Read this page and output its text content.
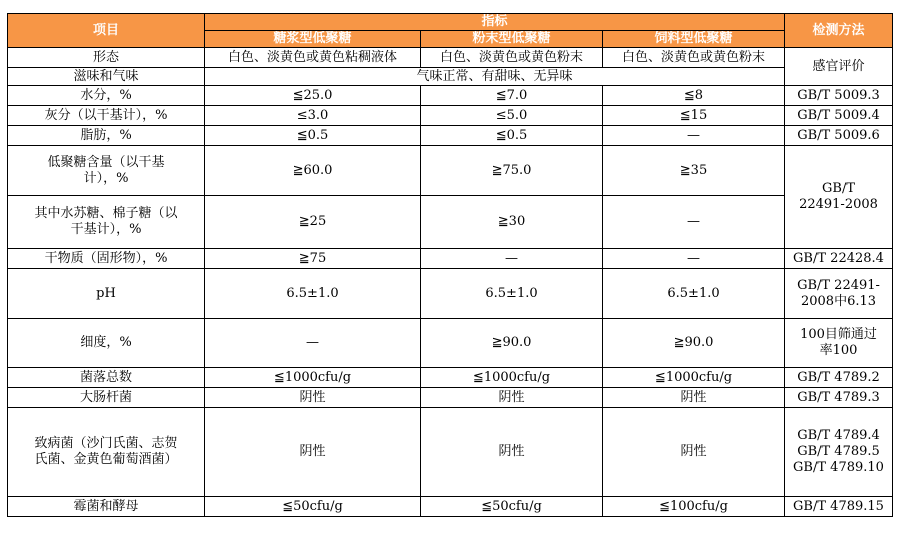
项目	指标			检测方法
	糖浆型低聚糖	粉末型低聚糖	饲料型低聚糖	
形态	白色、淡黄色或黄色粘稠液体	白色、淡黄色或黄色粉末	白色、淡黄色或黄色粉末	感官评价
滋味和气味	气味正常、有甜味、无异味			
水分，%	≦25.0	≦7.0	≦8	GB/T 5009.3
灰分（以干基计），%	≤3.0	≤5.0	≦15	GB/T 5009.4
脂肪，%	≦0.5	≦0.5	—	GB/T 5009.6

低聚糖含量（以干基
计），%	≧60.0	≧75.0	≧35	GB/T
22491-2008

其中水苏糖、棉子糖（以
干基计），%	≧25	≧30	—	
干物质（固形物），%	≧75	—	—	GB/T 22428.4
pH	6.5±1.0	6.5±1.0	6.5±1.0	GB/T 22491-
2008中6.13

细度，%	—	≧90.0	≧90.0	100目筛通过
率100

菌落总数	≦1000cfu/g	≦1000cfu/g	≦1000cfu/g	GB/T 4789.2
大肠杆菌	阴性	阴性	阴性	GB/T 4789.3

致病菌（沙门氏菌、志贺
氏菌、金黄色葡萄酒菌）	阴性	阴性	阴性	GB/T 4789.4
GB/T 4789.5
GB/T 4789.10

霉菌和酵母	≦50cfu/g	≦50cfu/g	≦100cfu/g	GB/T 4789.15
